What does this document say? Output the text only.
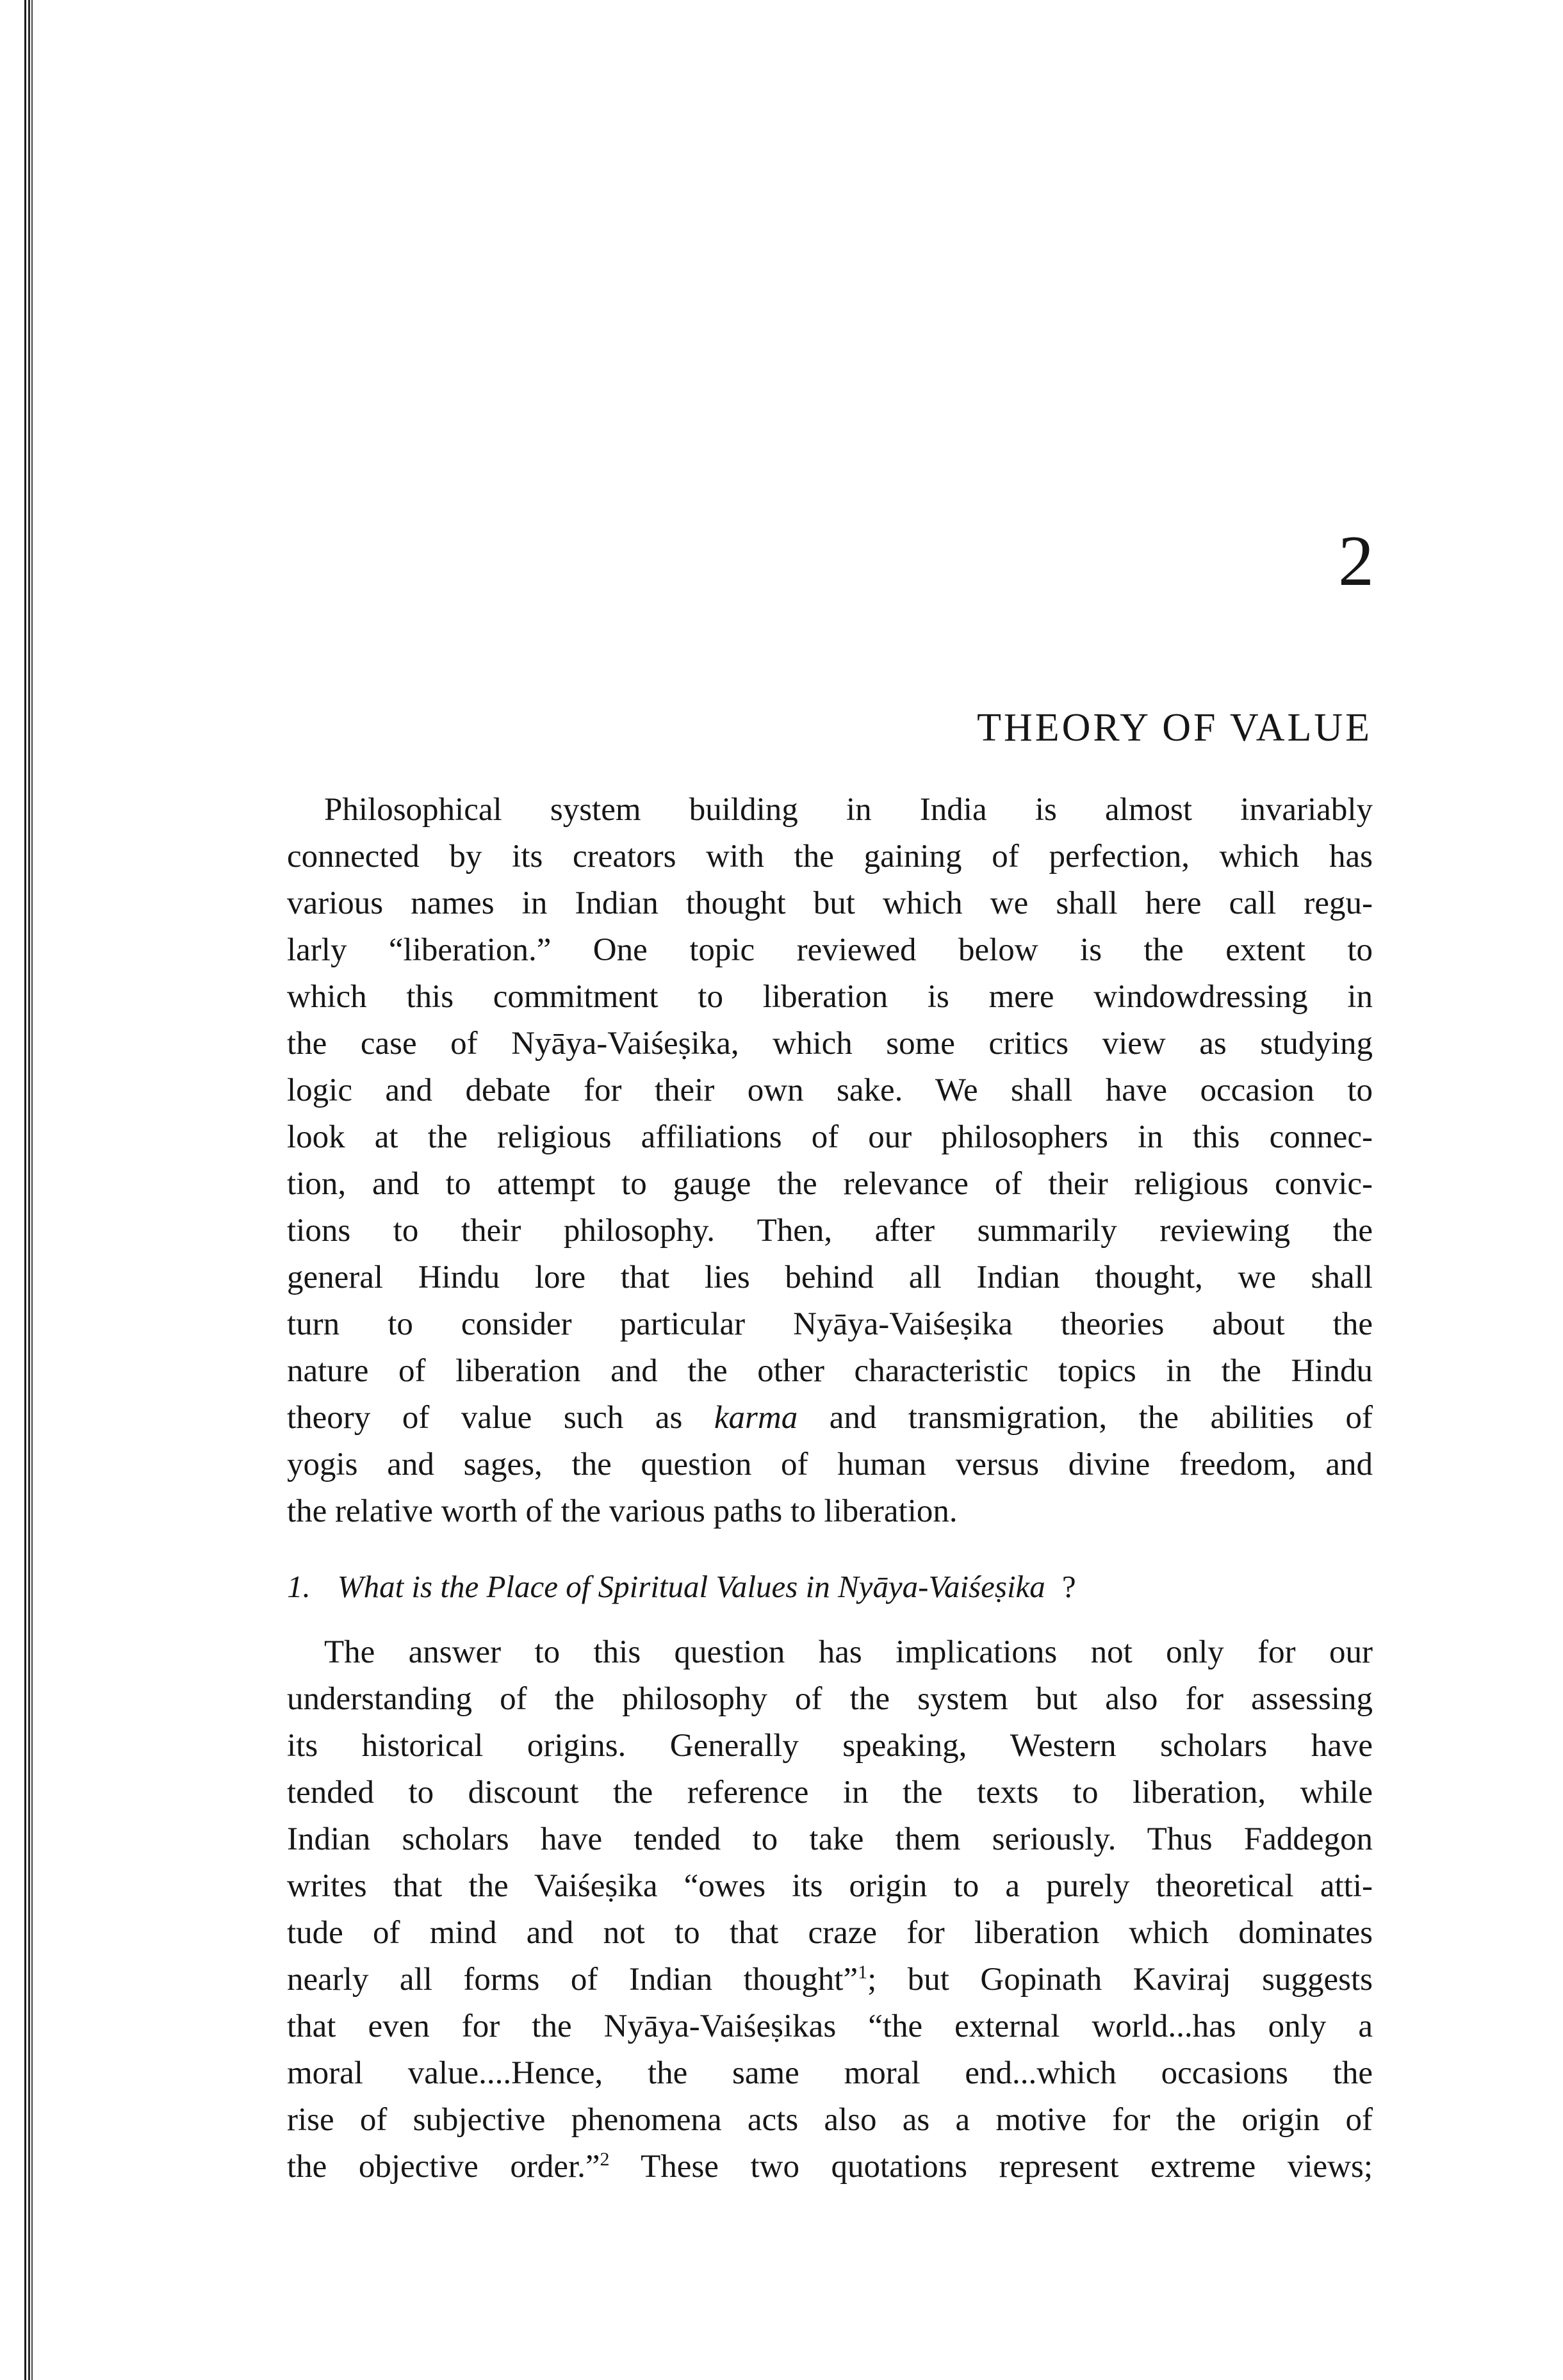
2
THEORY OF VALUE
Philosophical system building in India is almost invariably
connected by its creators with the gaining of perfection, which has
various names in Indian thought but which we shall here call regu-
larly “liberation.” One topic reviewed below is the extent to
which this commitment to liberation is mere windowdressing in
the case of Nyāya-Vaiśeṣika, which some critics view as studying
logic and debate for their own sake. We shall have occasion to
look at the religious affiliations of our philosophers in this connec-
tion, and to attempt to gauge the relevance of their religious convic-
tions to their philosophy. Then, after summarily reviewing the
general Hindu lore that lies behind all Indian thought, we shall
turn to consider particular Nyāya-Vaiśeṣika theories about the
nature of liberation and the other characteristic topics in the Hindu
theory of value such as karma and transmigration, the abilities of
yogis and sages, the question of human versus divine freedom, and
the relative worth of the various paths to liberation.
1. What is the Place of Spiritual Values in Nyāya-Vaiśeṣika ?
The answer to this question has implications not only for our
understanding of the philosophy of the system but also for assessing
its historical origins. Generally speaking, Western scholars have
tended to discount the reference in the texts to liberation, while
Indian scholars have tended to take them seriously. Thus Faddegon
writes that the Vaiśeṣika “owes its origin to a purely theoretical atti-
tude of mind and not to that craze for liberation which dominates
nearly all forms of Indian thought”$^1$; but Gopinath Kaviraj suggests
that even for the Nyāya-Vaiśeṣikas “the external world...has only a
moral value....Hence, the same moral end...which occasions the
rise of subjective phenomena acts also as a motive for the origin of
the objective order.”$^2$ These two quotations represent extreme views;
